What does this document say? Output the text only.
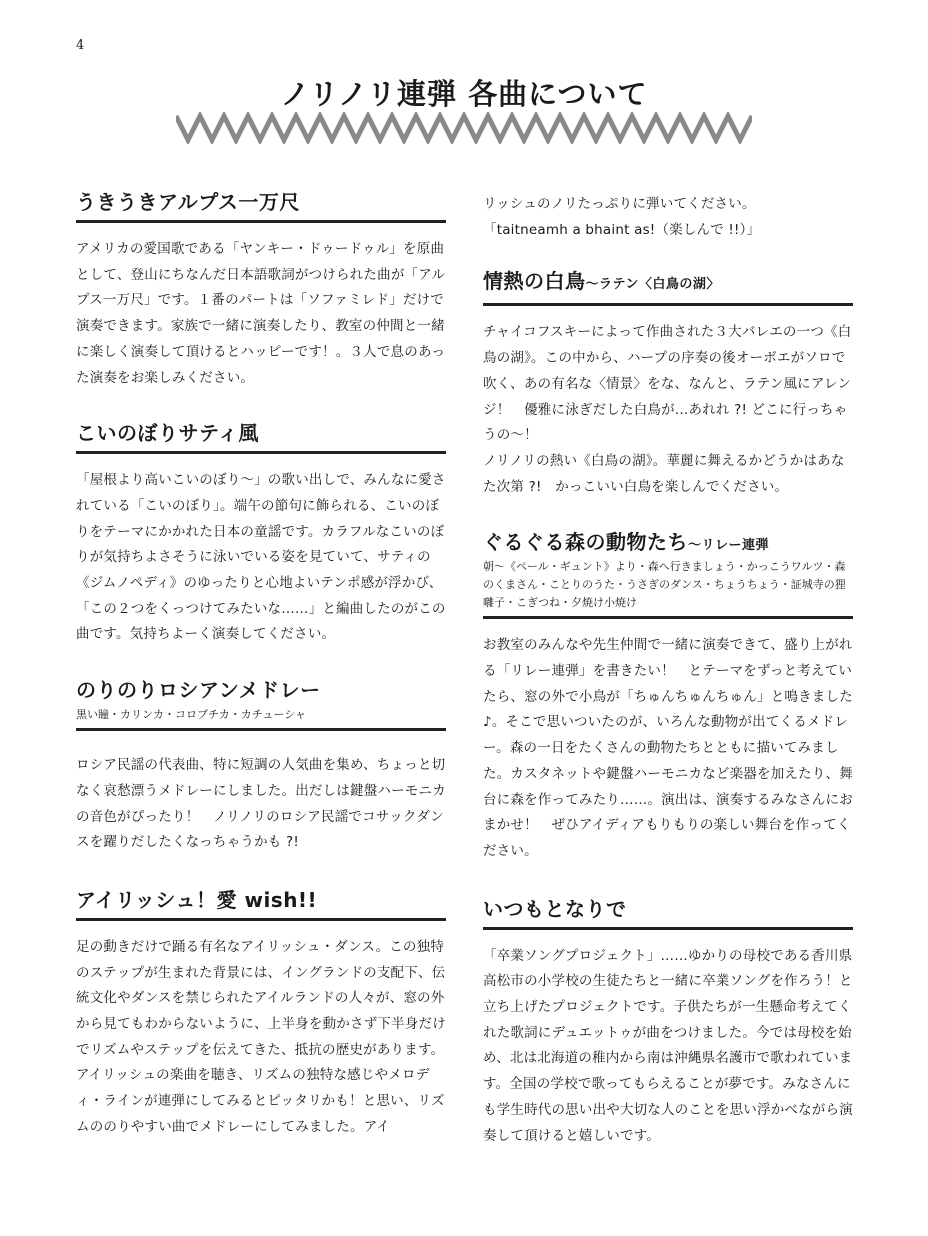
4
ノリノリ連弾 各曲について
うきうきアルプス一万尺

アメリカの愛国歌である「ヤンキー・ドゥードゥル」を原曲として、登山にちなんだ日本語歌詞がつけられた曲が「アルプス一万尺」です。１番のパートは「ソファミレド」だけで演奏できます。家族で一緒に演奏したり、教室の仲間と一緒に楽しく演奏して頂けるとハッピーです！。３人で息のあった演奏をお楽しみください。

こいのぼりサティ風

「屋根より高いこいのぼり〜」の歌い出しで、みんなに愛されている「こいのぼり」。端午の節句に飾られる、こいのぼりをテーマにかかれた日本の童謡です。カラフルなこいのぼりが気持ちよさそうに泳いでいる姿を見ていて、サティの《ジムノペディ》のゆったりと心地よいテンポ感が浮かび、「この２つをくっつけてみたいな……」と編曲したのがこの曲です。気持ちよーく演奏してください。

のりのりロシアンメドレー
黒い瞳・カリンカ・コロブチカ・カチューシャ

ロシア民謡の代表曲、特に短調の人気曲を集め、ちょっと切なく哀愁漂うメドレーにしました。出だしは鍵盤ハーモニカの音色がぴったり！　ノリノリのロシア民謡でコサックダンスを躍りだしたくなっちゃうかも ?!

アイリッシュ！愛 wish!!

足の動きだけで踊る有名なアイリッシュ・ダンス。この独特のステップが生まれた背景には、イングランドの支配下、伝統文化やダンスを禁じられたアイルランドの人々が、窓の外から見てもわからないように、上半身を動かさず下半身だけでリズムやステップを伝えてきた、抵抗の歴史があります。

アイリッシュの楽曲を聴き、リズムの独特な感じやメロディ・ラインが連弾にしてみるとピッタリかも！と思い、リズムののりやすい曲でメドレーにしてみました。アイ

リッシュのノリたっぷりに弾いてください。

「taitneamh a bhaint as!（楽しんで !!）」

情熱の白鳥〜ラテン〈白鳥の湖〉

チャイコフスキーによって作曲された３大バレエの一つ《白鳥の湖》。この中から、ハープの序奏の後オーボエがソロで吹く、あの有名な〈情景〉をな、なんと、ラテン風にアレンジ！　優雅に泳ぎだした白鳥が…あれれ ?! どこに行っちゃうの〜！

ノリノリの熱い《白鳥の湖》。華麗に舞えるかどうかはあなた次第 ?!　かっこいい白鳥を楽しんでください。

ぐるぐる森の動物たち〜リレー連弾
朝〜《ペール・ギュント》より・森へ行きましょう・かっこうワルツ・森のくまさん・ことりのうた・うさぎのダンス・ちょうちょう・証城寺の狸囃子・こぎつね・夕焼け小焼け

お教室のみんなや先生仲間で一緒に演奏できて、盛り上がれる「リレー連弾」を書きたい！　とテーマをずっと考えていたら、窓の外で小鳥が「ちゅんちゅんちゅん」と鳴きました♪。そこで思いついたのが、いろんな動物が出てくるメドレー。森の一日をたくさんの動物たちとともに描いてみました。カスタネットや鍵盤ハーモニカなど楽器を加えたり、舞台に森を作ってみたり……。演出は、演奏するみなさんにおまかせ！　ぜひアイディアもりもりの楽しい舞台を作ってください。

いつもとなりで

「卒業ソングプロジェクト」……ゆかりの母校である香川県高松市の小学校の生徒たちと一緒に卒業ソングを作ろう！と立ち上げたプロジェクトです。子供たちが一生懸命考えてくれた歌詞にデュエットゥが曲をつけました。今では母校を始め、北は北海道の稚内から南は沖縄県名護市で歌われています。全国の学校で歌ってもらえることが夢です。みなさんにも学生時代の思い出や大切な人のことを思い浮かべながら演奏して頂けると嬉しいです。
